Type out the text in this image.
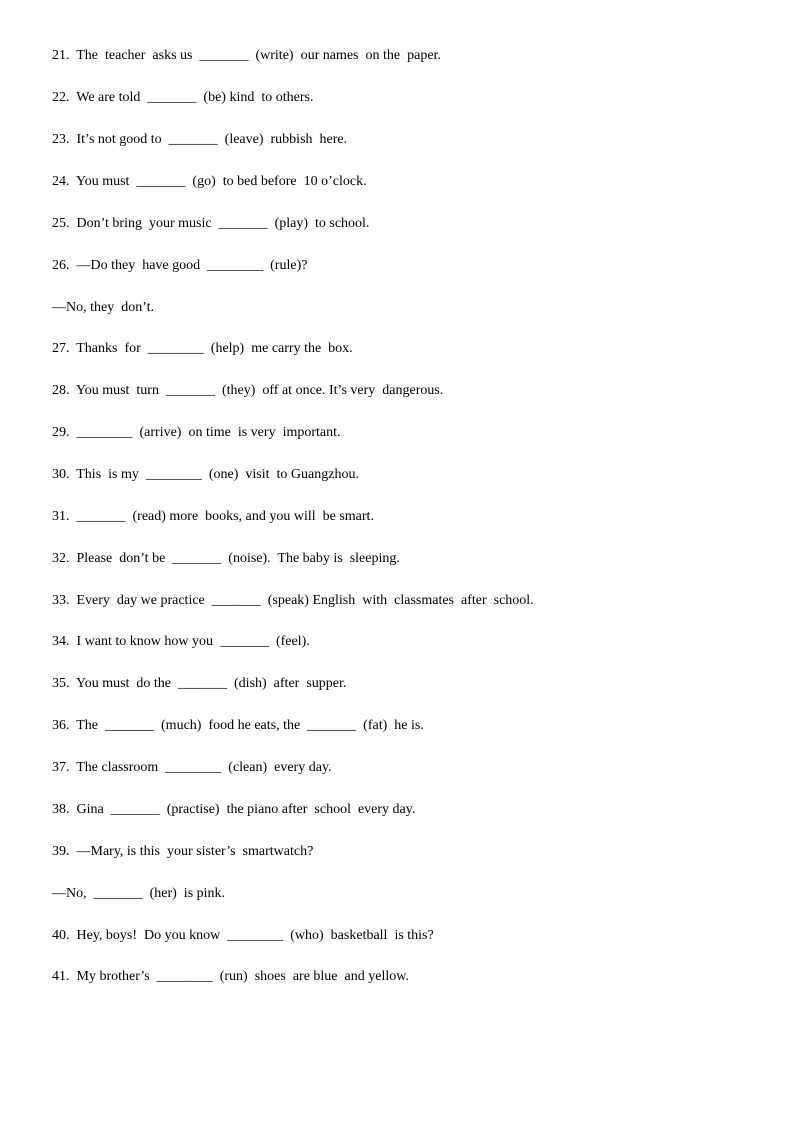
21.  The  teacher  asks us  _______  (write)  our names  on the  paper.
22.  We are told  _______  (be) kind  to others.
23.  It’s not good to  _______  (leave)  rubbish  here.
24.  You must  _______  (go)  to bed before  10 o’clock.
25.  Don’t bring  your music  _______  (play)  to school.
26.  —Do they  have good  ________  (rule)?
—No, they  don’t.
27.  Thanks  for  ________  (help)  me carry the  box.
28.  You must  turn  _______  (they)  off at once. It’s very  dangerous.
29.  ________  (arrive)  on time  is very  important.
30.  This  is my  ________  (one)  visit  to Guangzhou.
31.  _______  (read) more  books, and you will  be smart.
32.  Please  don’t be  _______  (noise).  The baby is  sleeping.
33.  Every  day we practice  _______  (speak) English  with  classmates  after  school.
34.  I want to know how you  _______  (feel).
35.  You must  do the  _______  (dish)  after  supper.
36.  The  _______  (much)  food he eats, the  _______  (fat)  he is.
37.  The classroom  ________  (clean)  every day.
38.  Gina  _______  (practise)  the piano after  school  every day.
39.  —Mary, is this  your sister’s  smartwatch?
—No,  _______  (her)  is pink.
40.  Hey, boys!  Do you know  ________  (who)  basketball  is this?
41.  My brother’s  ________  (run)  shoes  are blue  and yellow.
